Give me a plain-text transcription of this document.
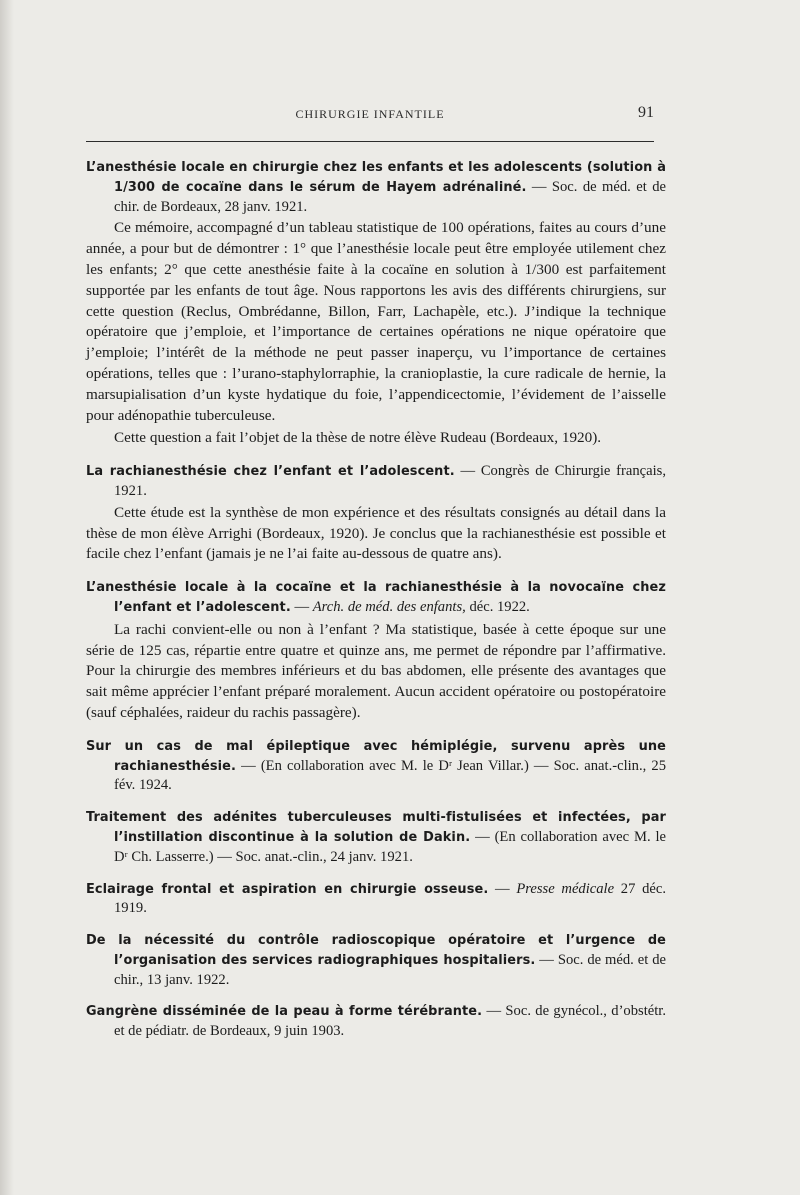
CHIRURGIE INFANTILE	91
L’anesthésie locale en chirurgie chez les enfants et les adolescents (solution à 1/300 de cocaïne dans le sérum de Hayem adrénaliné. — Soc. de méd. et de chir. de Bordeaux, 28 janv. 1921.

Ce mémoire, accompagné d’un tableau statistique de 100 opérations, faites au cours d’une année, a pour but de démontrer : 1° que l’anesthésie locale peut être employée utilement chez les enfants; 2° que cette anesthésie faite à la cocaïne en solution à 1/300 est parfaitement supportée par les enfants de tout âge. Nous rapportons les avis des différents chirurgiens, sur cette question (Reclus, Ombrédanne, Billon, Farr, Lachapèle, etc.). J’indique la technique opératoire que j’emploie, et l’importance de certaines opérations ne nique opératoire que j’emploie; l’intérêt de la méthode ne peut passer inaperçu, vu l’importance de certaines opérations, telles que : l’urano-staphylorraphie, la cranioplastie, la cure radicale de hernie, la marsupialisation d’un kyste hydatique du foie, l’appendicectomie, l’évidement de l’aisselle pour adénopathie tuberculeuse.

Cette question a fait l’objet de la thèse de notre élève Rudeau (Bordeaux, 1920).

La rachianesthésie chez l’enfant et l’adolescent. — Congrès de Chirurgie français, 1921.

Cette étude est la synthèse de mon expérience et des résultats consignés au détail dans la thèse de mon élève Arrighi (Bordeaux, 1920). Je conclus que la rachianesthésie est possible et facile chez l’enfant (jamais je ne l’ai faite au-dessous de quatre ans).

L’anesthésie locale à la cocaïne et la rachianesthésie à la novocaïne chez l’enfant et l’adolescent. — Arch. de méd. des enfants, déc. 1922.

La rachi convient-elle ou non à l’enfant ? Ma statistique, basée à cette époque sur une série de 125 cas, répartie entre quatre et quinze ans, me permet de répondre par l’affirmative. Pour la chirurgie des membres inférieurs et du bas abdomen, elle présente des avantages que sait même apprécier l’enfant préparé moralement. Aucun accident opératoire ou postopératoire (sauf céphalées, raideur du rachis passagère).

Sur un cas de mal épileptique avec hémiplégie, survenu après une rachianesthésie. — (En collaboration avec M. le Dʳ Jean Villar.) — Soc. anat.-clin., 25 fév. 1924.
Traitement des adénites tuberculeuses multi-fistulisées et infectées, par l’instillation discontinue à la solution de Dakin. — (En collaboration avec M. le Dʳ Ch. Lasserre.) — Soc. anat.-clin., 24 janv. 1921.
Eclairage frontal et aspiration en chirurgie osseuse. — Presse médicale 27 déc. 1919.
De la nécessité du contrôle radioscopique opératoire et l’urgence de l’organisation des services radiographiques hospitaliers. — Soc. de méd. et de chir., 13 janv. 1922.
Gangrène disséminée de la peau à forme térébrante. — Soc. de gynécol., d’obstétr. et de pédiatr. de Bordeaux, 9 juin 1903.
